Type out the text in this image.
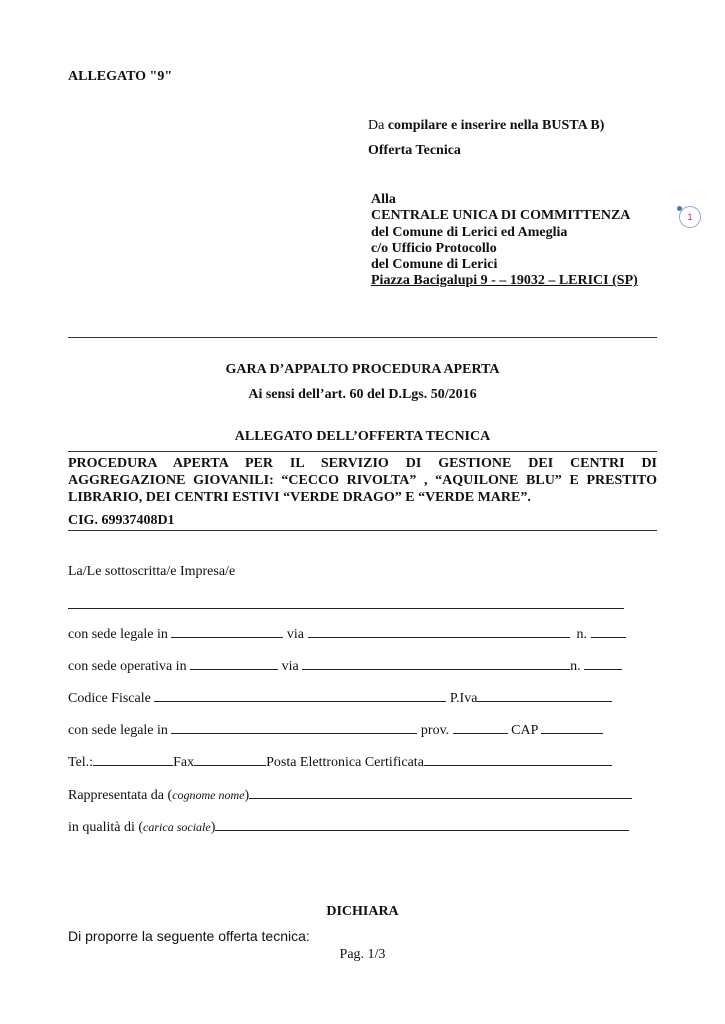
ALLEGATO "9"
Da compilare e inserire nella BUSTA B)
Offerta Tecnica
Alla
CENTRALE UNICA DI COMMITTENZA
del Comune di Lerici ed Ameglia
c/o Ufficio Protocollo
del Comune di Lerici
Piazza Bacigalupi 9 - – 19032 – LERICI (SP)
1
GARA D’APPALTO PROCEDURA APERTA
Ai sensi dell’art. 60 del D.Lgs. 50/2016
ALLEGATO DELL’OFFERTA TECNICA
PROCEDURA APERTA PER IL SERVIZIO DI GESTIONE DEI CENTRI DI
AGGREGAZIONE GIOVANILI: “CECCO RIVOLTA” , “AQUILONE BLU” E PRESTITO
LIBRARIO, DEI CENTRI ESTIVI “VERDE DRAGO” E “VERDE MARE”.
CIG. 69937408D1
La/Le sottoscritta/e Impresa/e
con sede legale in	via	n.
con sede operativa in	via	n.
Codice Fiscale	P.Iva
con sede legale in	prov.	CAP
Tel.:	Fax	Posta Elettronica Certificata
Rappresentata da (cognome nome)
in qualità di (carica sociale)
DICHIARA
Di proporre la seguente offerta tecnica:
Pag. 1/3
